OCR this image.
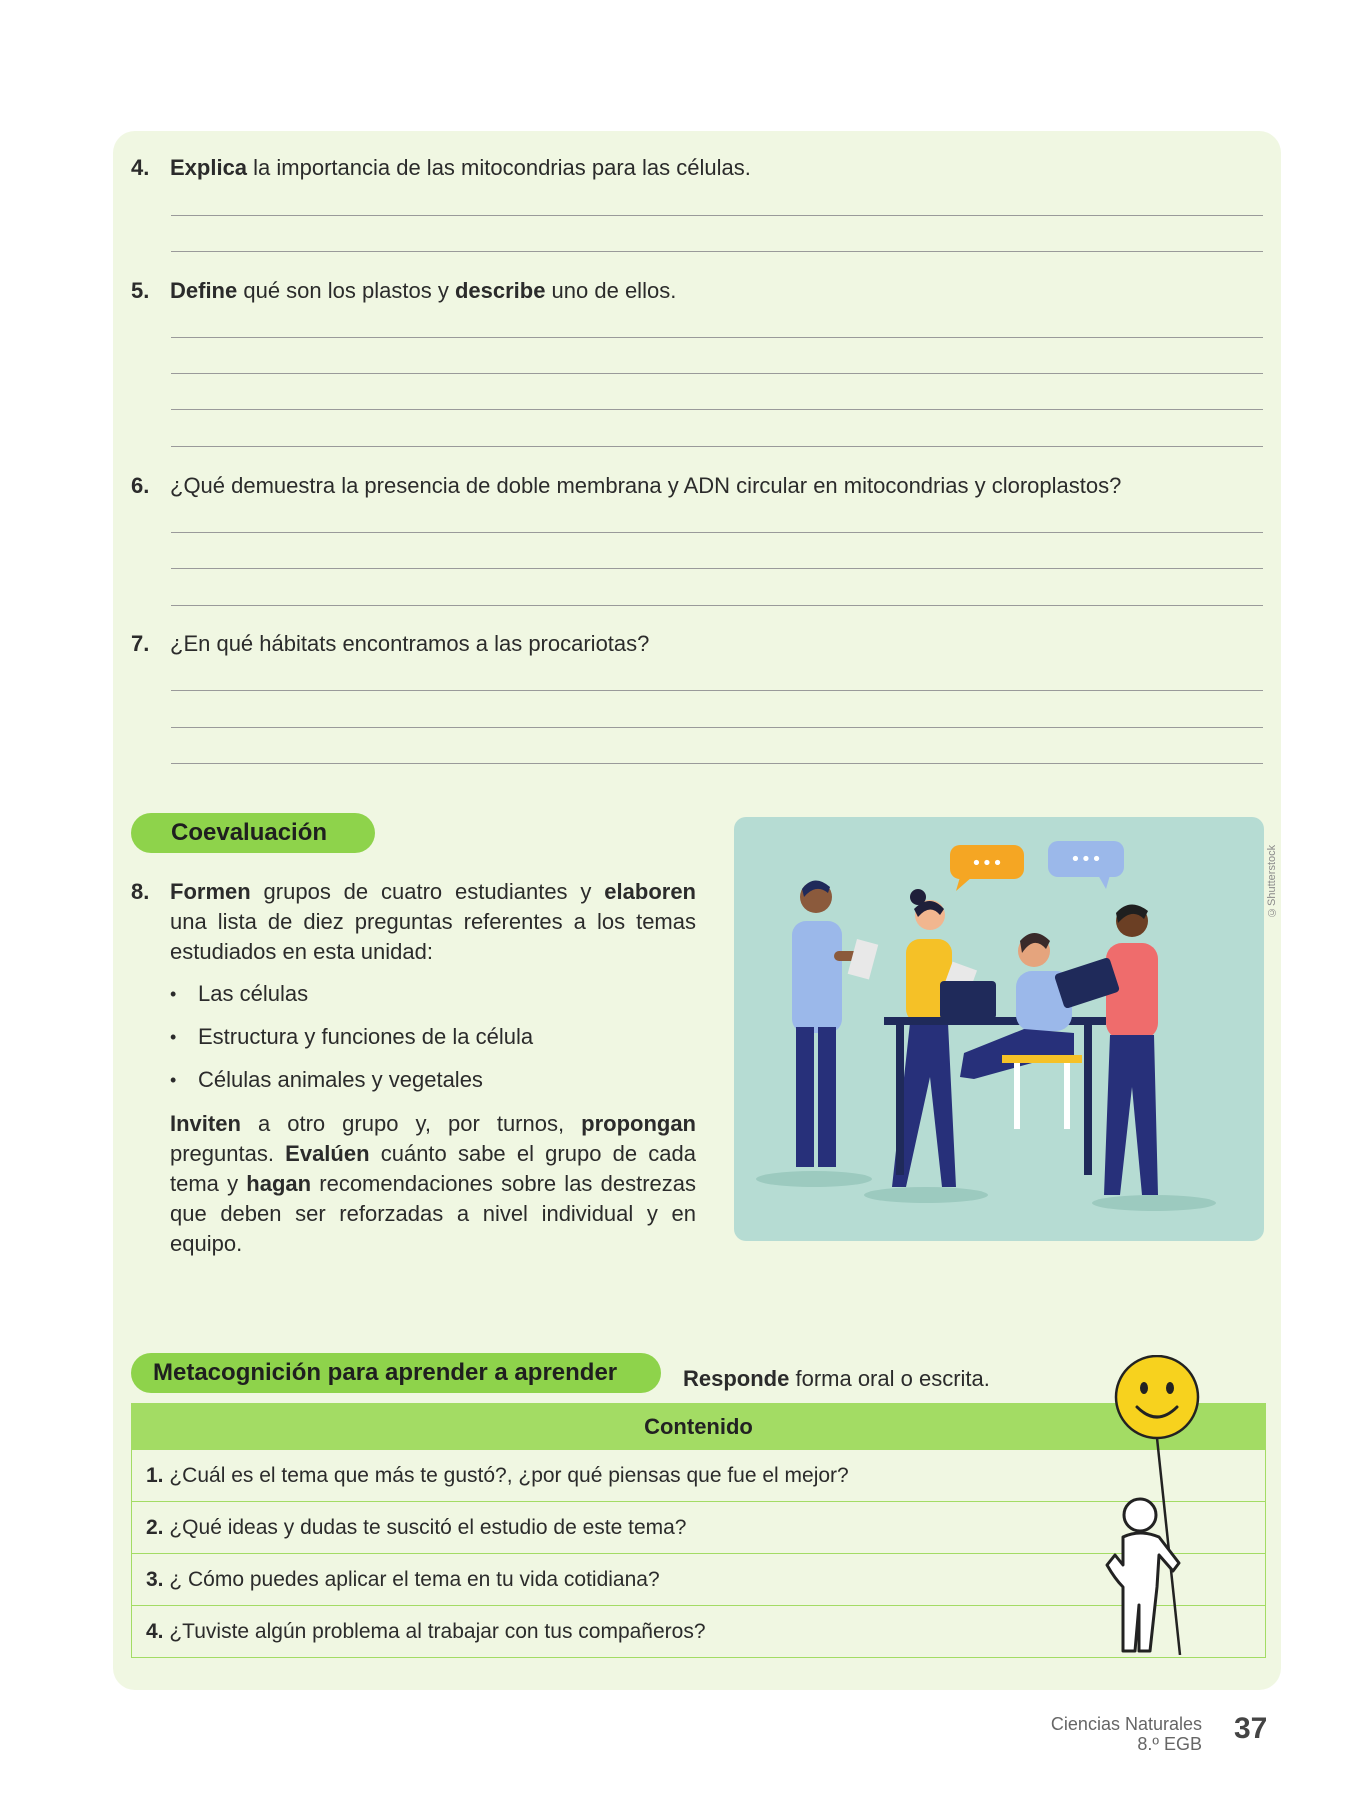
4. Explica la importancia de las mitocondrias para las células.
5. Define qué son los plastos y describe uno de ellos.
6. ¿Qué demuestra la presencia de doble membrana y ADN circular en mitocondrias y cloroplastos?
7. ¿En qué hábitats encontramos a las procariotas?
Coevaluación
8. Formen grupos de cuatro estudiantes y elaboren una lista de diez preguntas referentes a los temas estudiados en esta unidad:
• Las células
• Estructura y funciones de la célula
• Células animales y vegetales
Inviten a otro grupo y, por turnos, propongan preguntas. Evalúen cuánto sabe el grupo de cada tema y hagan recomendaciones sobre las destrezas que deben ser reforzadas a nivel individual y en equipo.
•••	•••	©Shutterstock
Metacognición para aprender a aprender	Responde forma oral o escrita.
Contenido
1. ¿Cuál es el tema que más te gustó?, ¿por qué piensas que fue el mejor?
2. ¿Qué ideas y dudas te suscitó el estudio de este tema?
3. ¿ Cómo puedes aplicar el tema en tu vida cotidiana?
4. ¿Tuviste algún problema al trabajar con tus compañeros?
Ciencias Naturales
8.º EGB 37
